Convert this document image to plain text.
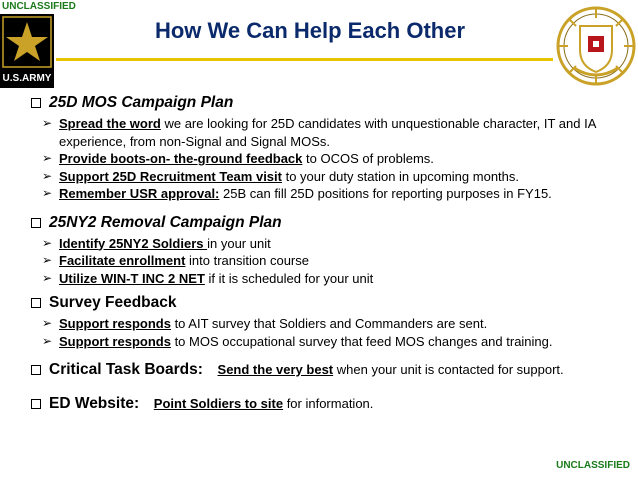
UNCLASSIFIED
U.S.ARMY
How We Can Help Each Other
25D MOS Campaign Plan
➢ Spread the word we are looking for 25D candidates with unquestionable character, IT and IA experience, from non-Signal and Signal MOSs.
➢ Provide boots-on- the-ground feedback to OCOS of problems.
➢ Support 25D Recruitment Team visit to your duty station in upcoming months.
➢ Remember USR approval: 25B can fill 25D positions for reporting purposes in FY15.
25NY2 Removal Campaign Plan
➢ Identify 25NY2 Soldiers in your unit
➢ Facilitate enrollment into transition course
➢ Utilize WIN-T INC 2 NET if it is scheduled for your unit
Survey Feedback
➢ Support responds to AIT survey that Soldiers and Commanders are sent.
➢ Support responds to MOS occupational survey that feed MOS changes and training.
Critical Task Boards: Send the very best when your unit is contacted for support.
ED Website: Point Soldiers to site for information.
UNCLASSIFIED
